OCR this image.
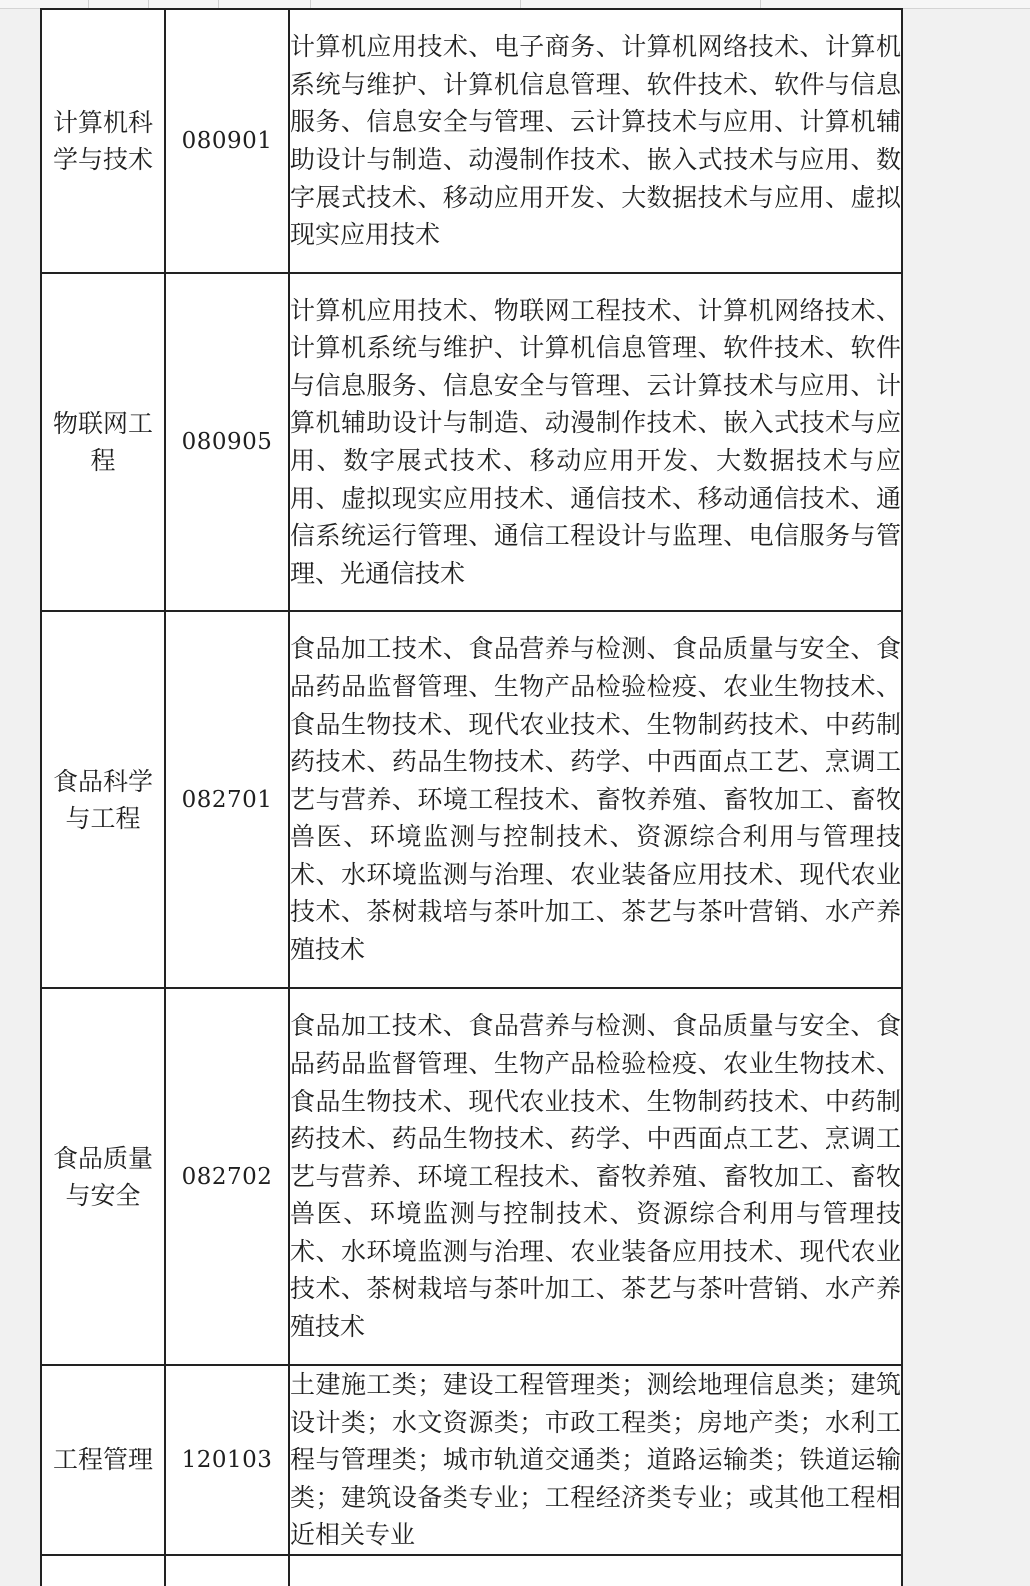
计算机科学与技术	080901	计算机应用技术、电子商务、计算机网络技术、计算机系统与维护、计算机信息管理、软件技术、软件与信息服务、信息安全与管理、云计算技术与应用、计算机辅助设计与制造、动漫制作技术、嵌入式技术与应用、数字展式技术、移动应用开发、大数据技术与应用、虚拟现实应用技术
物联网工程	080905	计算机应用技术、物联网工程技术、计算机网络技术、计算机系统与维护、计算机信息管理、软件技术、软件与信息服务、信息安全与管理、云计算技术与应用、计算机辅助设计与制造、动漫制作技术、嵌入式技术与应用、数字展式技术、移动应用开发、大数据技术与应用、虚拟现实应用技术、通信技术、移动通信技术、通信系统运行管理、通信工程设计与监理、电信服务与管理、光通信技术
食品科学与工程	082701	食品加工技术、食品营养与检测、食品质量与安全、食品药品监督管理、生物产品检验检疫、农业生物技术、食品生物技术、现代农业技术、生物制药技术、中药制药技术、药品生物技术、药学、中西面点工艺、烹调工艺与营养、环境工程技术、畜牧养殖、畜牧加工、畜牧兽医、环境监测与控制技术、资源综合利用与管理技术、水环境监测与治理、农业装备应用技术、现代农业技术、茶树栽培与茶叶加工、茶艺与茶叶营销、水产养殖技术
食品质量与安全	082702	食品加工技术、食品营养与检测、食品质量与安全、食品药品监督管理、生物产品检验检疫、农业生物技术、食品生物技术、现代农业技术、生物制药技术、中药制药技术、药品生物技术、药学、中西面点工艺、烹调工艺与营养、环境工程技术、畜牧养殖、畜牧加工、畜牧兽医、环境监测与控制技术、资源综合利用与管理技术、水环境监测与治理、农业装备应用技术、现代农业技术、茶树栽培与茶叶加工、茶艺与茶叶营销、水产养殖技术
工程管理	120103	土建施工类；建设工程管理类；测绘地理信息类；建筑设计类；水文资源类；市政工程类；房地产类；水利工程与管理类；城市轨道交通类；道路运输类；铁道运输类；建筑设备类专业；工程经济类专业；或其他工程相近相关专业
